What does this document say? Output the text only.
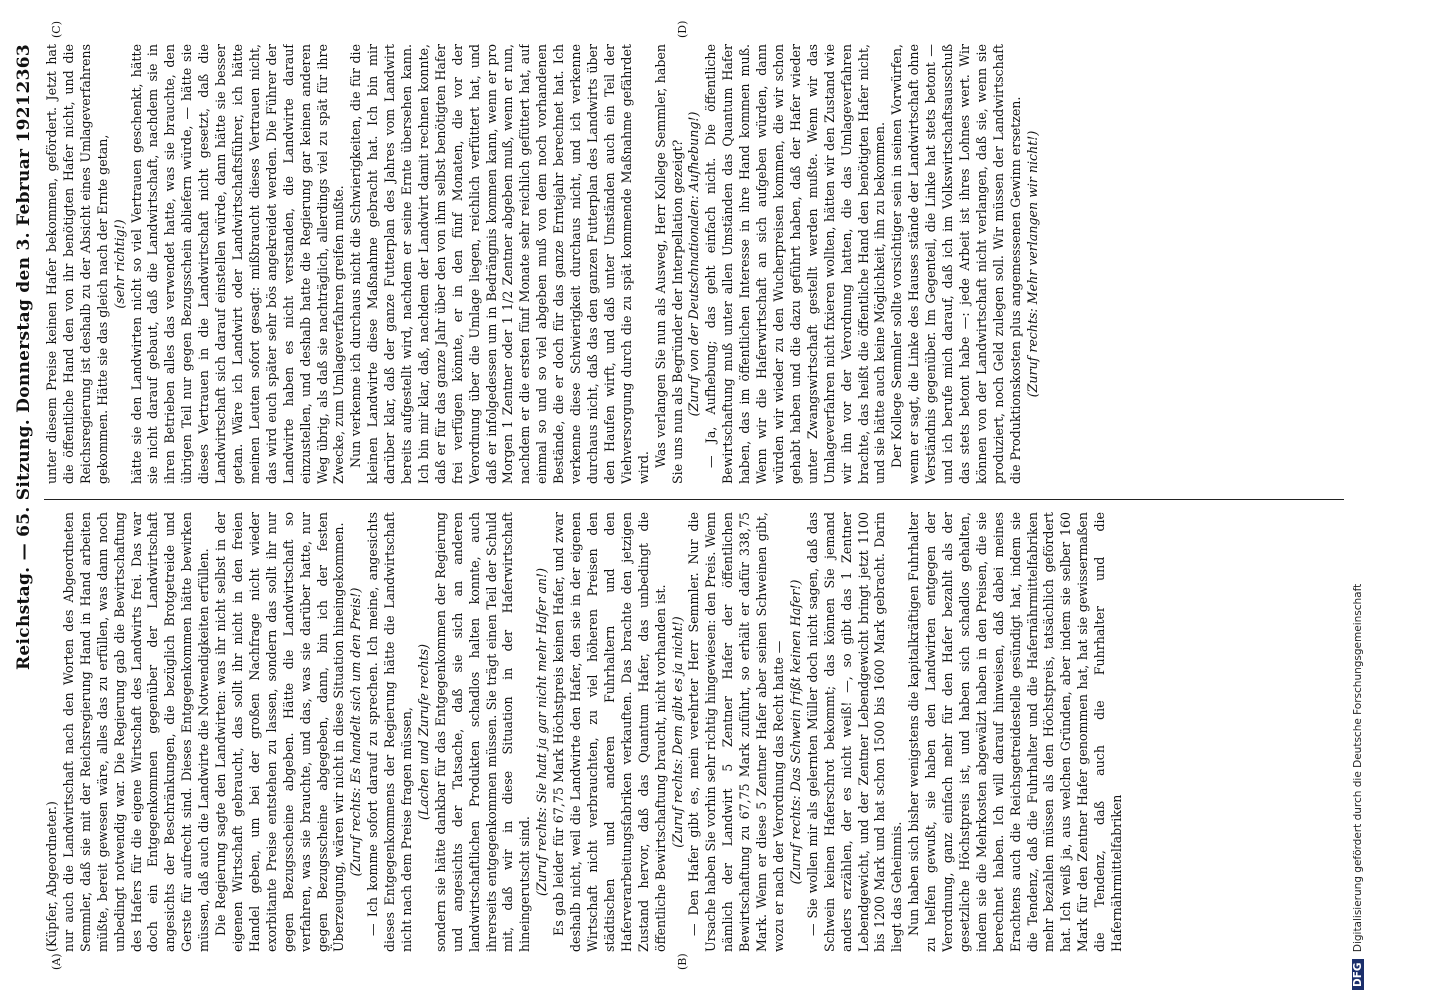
Reichstag. — 65. Sitzung. Donnerstag den 3. Februar 1921.
2363
(A)	(B)
(C)	(D)

(Küpfer, Abgeordneter.) nur auch die Landwirtschaft nach den Worten des Abgeordneten Semmler, daß sie mit der Reichsregierung Hand in Hand arbeiten müßte, bereit gewesen wäre, alles das zu erfüllen, was dann noch unbedingt notwendig war. Die Regierung gab die Bewirtschaftung des Hafers für die eigene Wirtschaft des Landwirts frei. Das war doch ein Entgegenkommen gegenüber der Landwirtschaft angesichts der Beschränkungen, die bezüglich Brotgetreide und Gerste für aufrecht sind. Dieses Entgegenkommen hätte bewirken müssen, daß auch die Landwirte die Notwendigkeiten erfüllen. Die Regierung sagte den Landwirten: was ihr nicht selbst in der eigenen Wirtschaft gebraucht, das sollt ihr nicht in den freien Handel geben, um bei der großen Nachfrage nicht wieder exorbitante Preise entstehen zu lassen, sondern das sollt ihr nur gegen Bezugsscheine abgeben. Hätte die Landwirtschaft so verfahren, was sie brauchte, und das, was sie darüber hatte, nur gegen Bezugsscheine abgegeben, dann, bin ich der festen Überzeugung, wären wir nicht in diese Situation hineingekommen. (Zuruf rechts: Es handelt sich um den Preis!) — Ich komme sofort darauf zu sprechen. Ich meine, angesichts dieses Entgegenkommens der Regierung hätte die Landwirtschaft nicht nach dem Preise fragen müssen, (Lachen und Zurufe rechts) sondern sie hätte dankbar für das Entgegenkommen der Regierung und angesichts der Tatsache, daß sie sich an anderen landwirtschaftlichen Produkten schadlos halten konnte, auch ihrerseits entgegenkommen müssen. Sie trägt einen Teil der Schuld mit, daß wir in diese Situation in der Haferwirtschaft hineingerutscht sind. (Zuruf rechts: Sie hatt ja gar nicht mehr Hafer an!) Es gab leider für 67,75 Mark Höchstpreis keinen Hafer, und zwar deshalb nicht, weil die Landwirte den Hafer, den sie in der eigenen Wirtschaft nicht verbrauchten, zu viel höheren Preisen den städtischen und anderen Fuhrhaltern und den Haferverarbeitungsfabriken verkauften. Das brachte den jetzigen Zustand hervor, daß das Quantum Hafer, das unbedingt die öffentliche Bewirtschaftung braucht, nicht vorhanden ist. (Zuruf rechts: Dem gibt es ja nicht!) — Den Hafer gibt es, mein verehrter Herr Semmler. Nur die Ursache haben Sie vorhin sehr richtig hingewiesen: den Preis. Wenn nämlich der Landwirt 5 Zentner Hafer der öffentlichen Bewirtschaftung zu 67,75 Mark zuführt, so erhält er dafür 338,75 Mark. Wenn er diese 5 Zentner Hafer aber seinen Schweinen gibt, wozu er nach der Verordnung das Recht hatte — (Zuruf rechts: Das Schwein frißt keinen Hafer!) — Sie wollen mir als gelernten Müller doch nicht sagen, daß das Schwein keinen Haferschrot bekommt; das können Sie jemand anders erzählen, der es nicht weiß! —, so gibt das 1 Zentner Lebendgewicht, und der Zentner Lebendgewicht bringt jetzt 1100 bis 1200 Mark und hat schon 1500 bis 1600 Mark gebracht. Darin liegt das Geheimnis. Nun haben sich bisher wenigstens die kapitalkräftigen Fuhrhalter zu helfen gewußt, sie haben den Landwirten entgegen der Verordnung, ganz einfach mehr für den Hafer bezahlt als der gesetzliche Höchstpreis ist, und haben sich schadlos gehalten, indem sie die Mehrkosten abgewälzt haben in den Preisen, die sie berechnet haben. Ich will darauf hinweisen, daß dabei meines Erachtens auch die Reichsgetreidestelle gesündigt hat, indem sie die Tendenz, daß die Fuhrhalter und die Hafernährmittelfabriken mehr bezahlen müssen als den Höchstpreis, tatsächlich gefördert hat. Ich weiß ja, aus welchen Gründen, aber indem sie selber 160 Mark für den Zentner Hafer genommen hat, hat sie gewissermaßen die Tendenz, daß auch die Fuhrhalter und die Hafernährmittelfabriken

unter diesem Preise keinen Hafer bekommen, gefördert. Jetzt hat die öffentliche Hand den von ihr benötigten Hafer nicht, und die Reichsregierung ist deshalb zu der Absicht eines Umlageverfahrens gekommen. Hätte sie das gleich nach der Ernte getan, (sehr richtig!) hätte sie den Landwirten nicht so viel Vertrauen geschenkt, hätte sie nicht darauf gebaut, daß die Landwirtschaft, nachdem sie in ihren Betrieben alles das verwendet hatte, was sie brauchte, den übrigen Teil nur gegen Bezugsschein abliefern würde, — hätte sie dieses Vertrauen in die Landwirtschaft nicht gesetzt, daß die Landwirtschaft sich darauf einstellen würde, dann hätte sie besser getan. Wäre ich Landwirt oder Landwirtschaftsführer, ich hätte meinen Leuten sofort gesagt: mißbraucht dieses Vertrauen nicht, das wird euch später sehr bös angekreidet werden. Die Führer der Landwirte haben es nicht verstanden, die Landwirte darauf einzustellen, und deshalb hatte die Regierung gar keinen anderen Weg übrig, als daß sie nachträglich, allerdings viel zu spät für ihre Zwecke, zum Umlageverfahren greifen mußte. Nun verkenne ich durchaus nicht die Schwierigkeiten, die für die kleinen Landwirte diese Maßnahme gebracht hat. Ich bin mir darüber klar, daß der ganze Futterplan des Jahres vom Landwirt bereits aufgestellt wird, nachdem er seine Ernte übersehen kann. Ich bin mir klar, daß, nachdem der Landwirt damit rechnen konnte, daß er für das ganze Jahr über den von ihm selbst benötigten Hafer frei verfügen könnte, er in den fünf Monaten, die vor der Verordnung über die Umlage liegen, reichlich verfüttert hat, und daß er infolgedessen um in Bedrängnis kommen kann, wenn er pro Morgen 1 Zentner oder 1 1/2 Zentner abgeben muß, wenn er nun, nachdem er die ersten fünf Monate sehr reichlich gefüttert hat, auf einmal so und so viel abgeben muß von dem noch vorhandenen Bestände, die er doch für das ganze Erntejahr berechnet hat. Ich verkenne diese Schwierigkeit durchaus nicht, und ich verkenne durchaus nicht, daß das den ganzen Futterplan des Landwirts über den Haufen wirft, und daß unter Umständen auch ein Teil der Viehversorgung durch die zu spät kommende Maßnahme gefährdet wird. Was verlangen Sie nun als Ausweg, Herr Kollege Semmler, haben Sie uns nun als Begründer der Interpellation gezeigt? (Zuruf von der Deutschnationalen: Aufhebung!) — Ja, Aufhebung; das geht einfach nicht. Die öffentliche Bewirtschaftung muß unter allen Umständen das Quantum Hafer haben, das im öffentlichen Interesse in ihre Hand kommen muß. Wenn wir die Haferwirtschaft an sich aufgeben würden, dann würden wir wieder zu den Wucherpreisen kommen, die wir schon gehabt haben und die dazu geführt haben, daß der Hafer wieder unter Zwangswirtschaft gestellt werden mußte. Wenn wir das Umlageverfahren nicht fixieren wollten, hätten wir den Zustand wie wir ihn vor der Verordnung hatten, die das Umlageverfahren brachte, das heißt die öffentliche Hand den benötigten Hafer nicht, und sie hätte auch keine Möglichkeit, ihn zu bekommen. Der Kollege Semmler sollte vorsichtiger sein in seinen Vorwürfen, wenn er sagt, die Linke des Hauses stände der Landwirtschaft ohne Verständnis gegenüber. Im Gegenteil, die Linke hat stets betont — und ich berufe mich darauf, daß ich im Volkswirtschaftsausschuß das stets betont habe —: jede Arbeit ist ihres Lohnes wert. Wir können von der Landwirtschaft nicht verlangen, daß sie, wenn sie produziert, noch Geld zulegen soll. Wir müssen der Landwirtschaft die Produktionskosten plus angemessenen Gewinn ersetzen. (Zuruf rechts: Mehr verlangen wir nicht!)

DFG Digitalisierung gefördert durch die Deutsche Forschungsgemeinschaft
